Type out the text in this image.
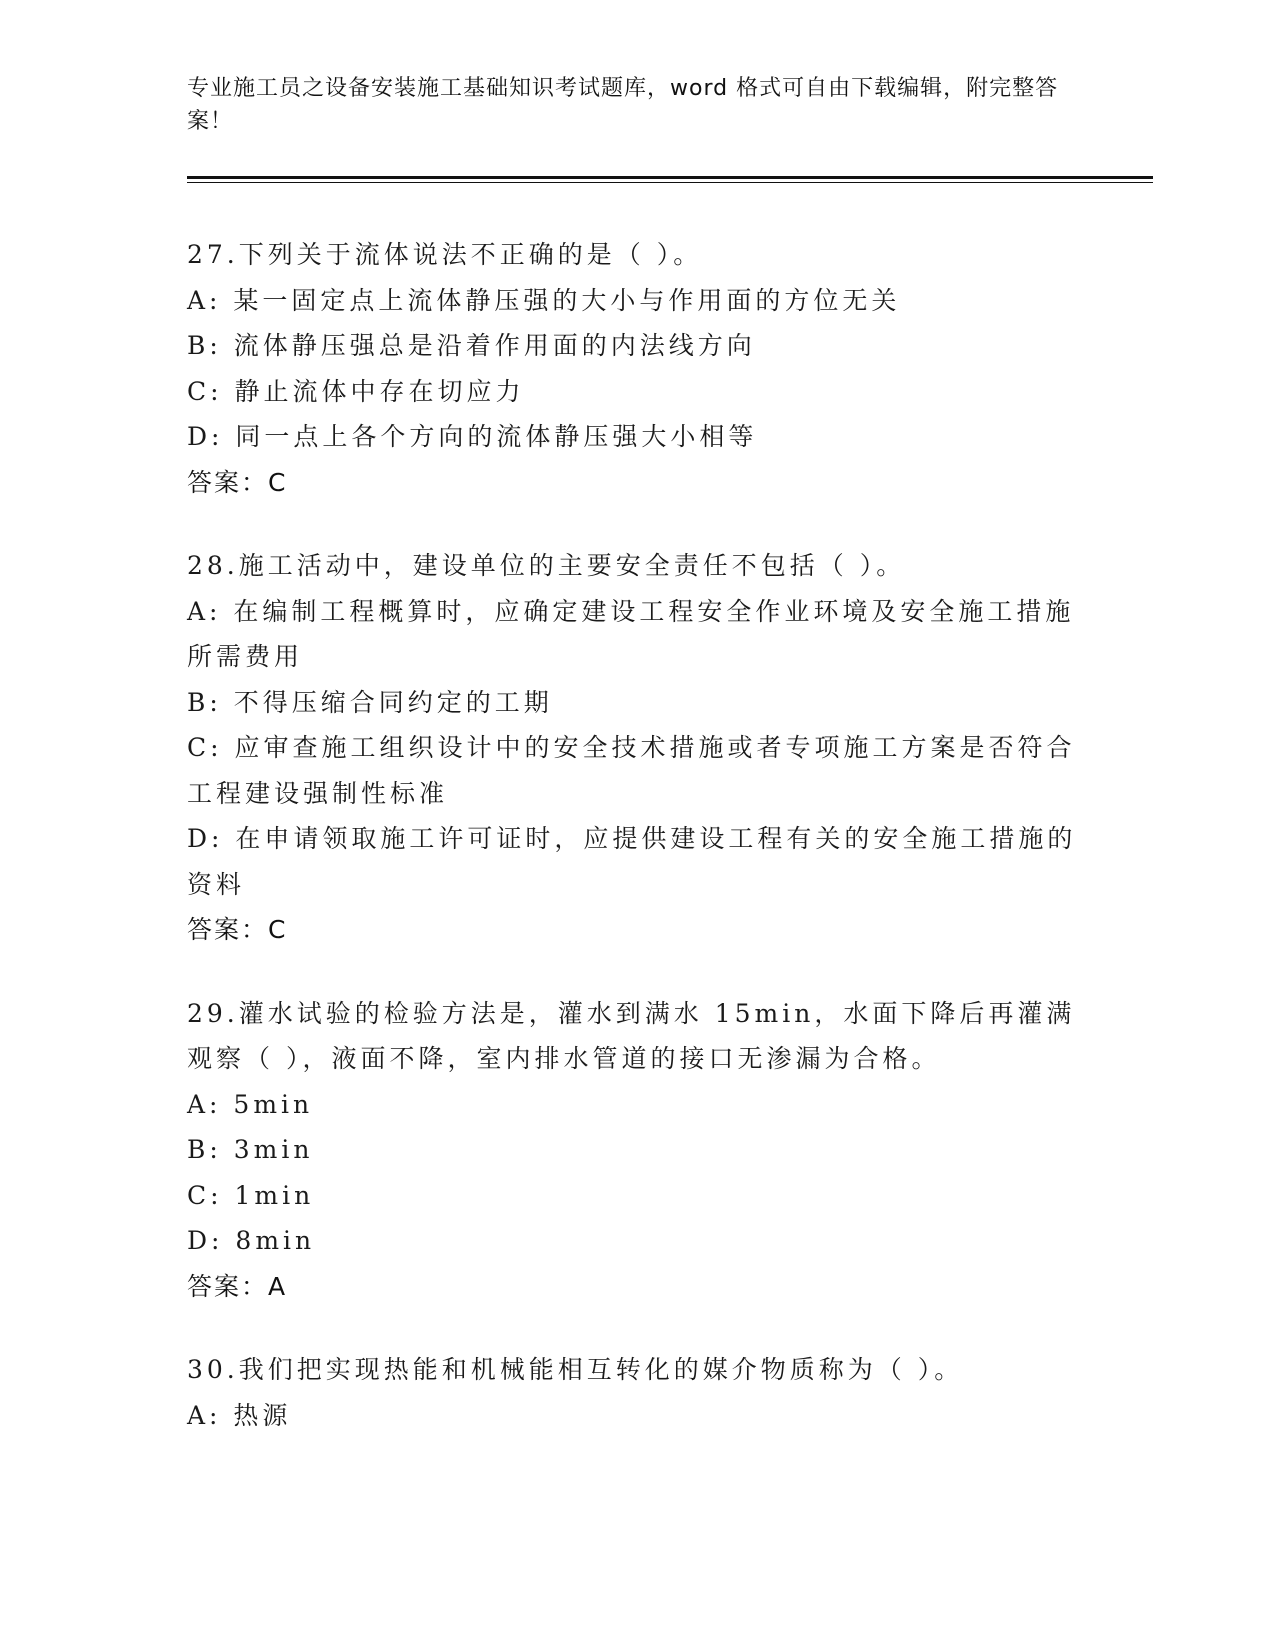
专业施工员之设备安装施工基础知识考试题库，word 格式可自由下载编辑，附完整答案！
27.下列关于流体说法不正确的是（ ）。
A: 某一固定点上流体静压强的大小与作用面的方位无关
B: 流体静压强总是沿着作用面的内法线方向
C: 静止流体中存在切应力
D: 同一点上各个方向的流体静压强大小相等
答案：C
28.施工活动中，建设单位的主要安全责任不包括（ ）。
A: 在编制工程概算时，应确定建设工程安全作业环境及安全施工措施所需费用
B: 不得压缩合同约定的工期
C: 应审查施工组织设计中的安全技术措施或者专项施工方案是否符合工程建设强制性标准
D: 在申请领取施工许可证时，应提供建设工程有关的安全施工措施的资料
答案：C
29.灌水试验的检验方法是，灌水到满水 15min，水面下降后再灌满观察（ ），液面不降，室内排水管道的接口无渗漏为合格。
A: 5min
B: 3min
C: 1min
D: 8min
答案：A
30.我们把实现热能和机械能相互转化的媒介物质称为（ ）。
A: 热源
